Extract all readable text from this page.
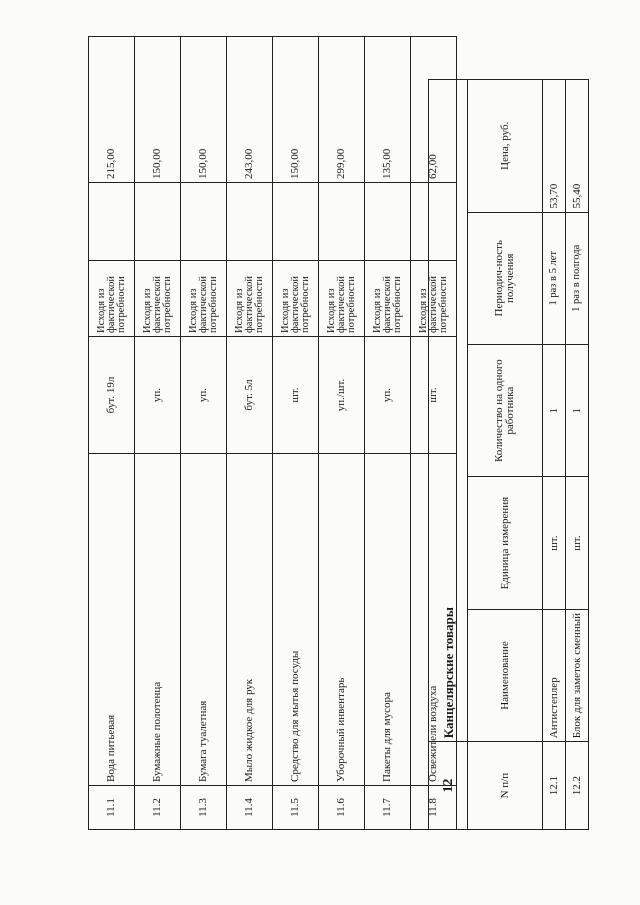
11.1	Вода питьевая	бут. 19л	Исходя из фактической потребности		215,00
11.2	Бумажные полотенца	уп.	Исходя из фактической потребности		150,00
11.3	Бумага туалетная	уп.	Исходя из фактической потребности		150,00
11.4	Мыло жидкое для рук	бут. 5л	Исходя из фактической потребности		243,00
11.5	Средство для мытья посуды	шт.	Исходя из фактической потребности		150,00
11.6	Уборочный инвентарь	уп./шт.	Исходя из фактической потребности		299,00
11.7	Пакеты для мусора	уп.	Исходя из фактической потребности		135,00
11.8	Освежители воздуха	шт.	Исходя из фактической потребности		62,00
12	Канцелярские товары				
N п/п	Наименование	Единица измерения	Количество на одного работника	Периодич-ность получения	Цена, руб.
12.1	Антистеплер	шт.	1	1 раз в 5 лет	53,70
12.2	Блок для заметок сменный	шт.	1	1 раз в полгода	55,40
